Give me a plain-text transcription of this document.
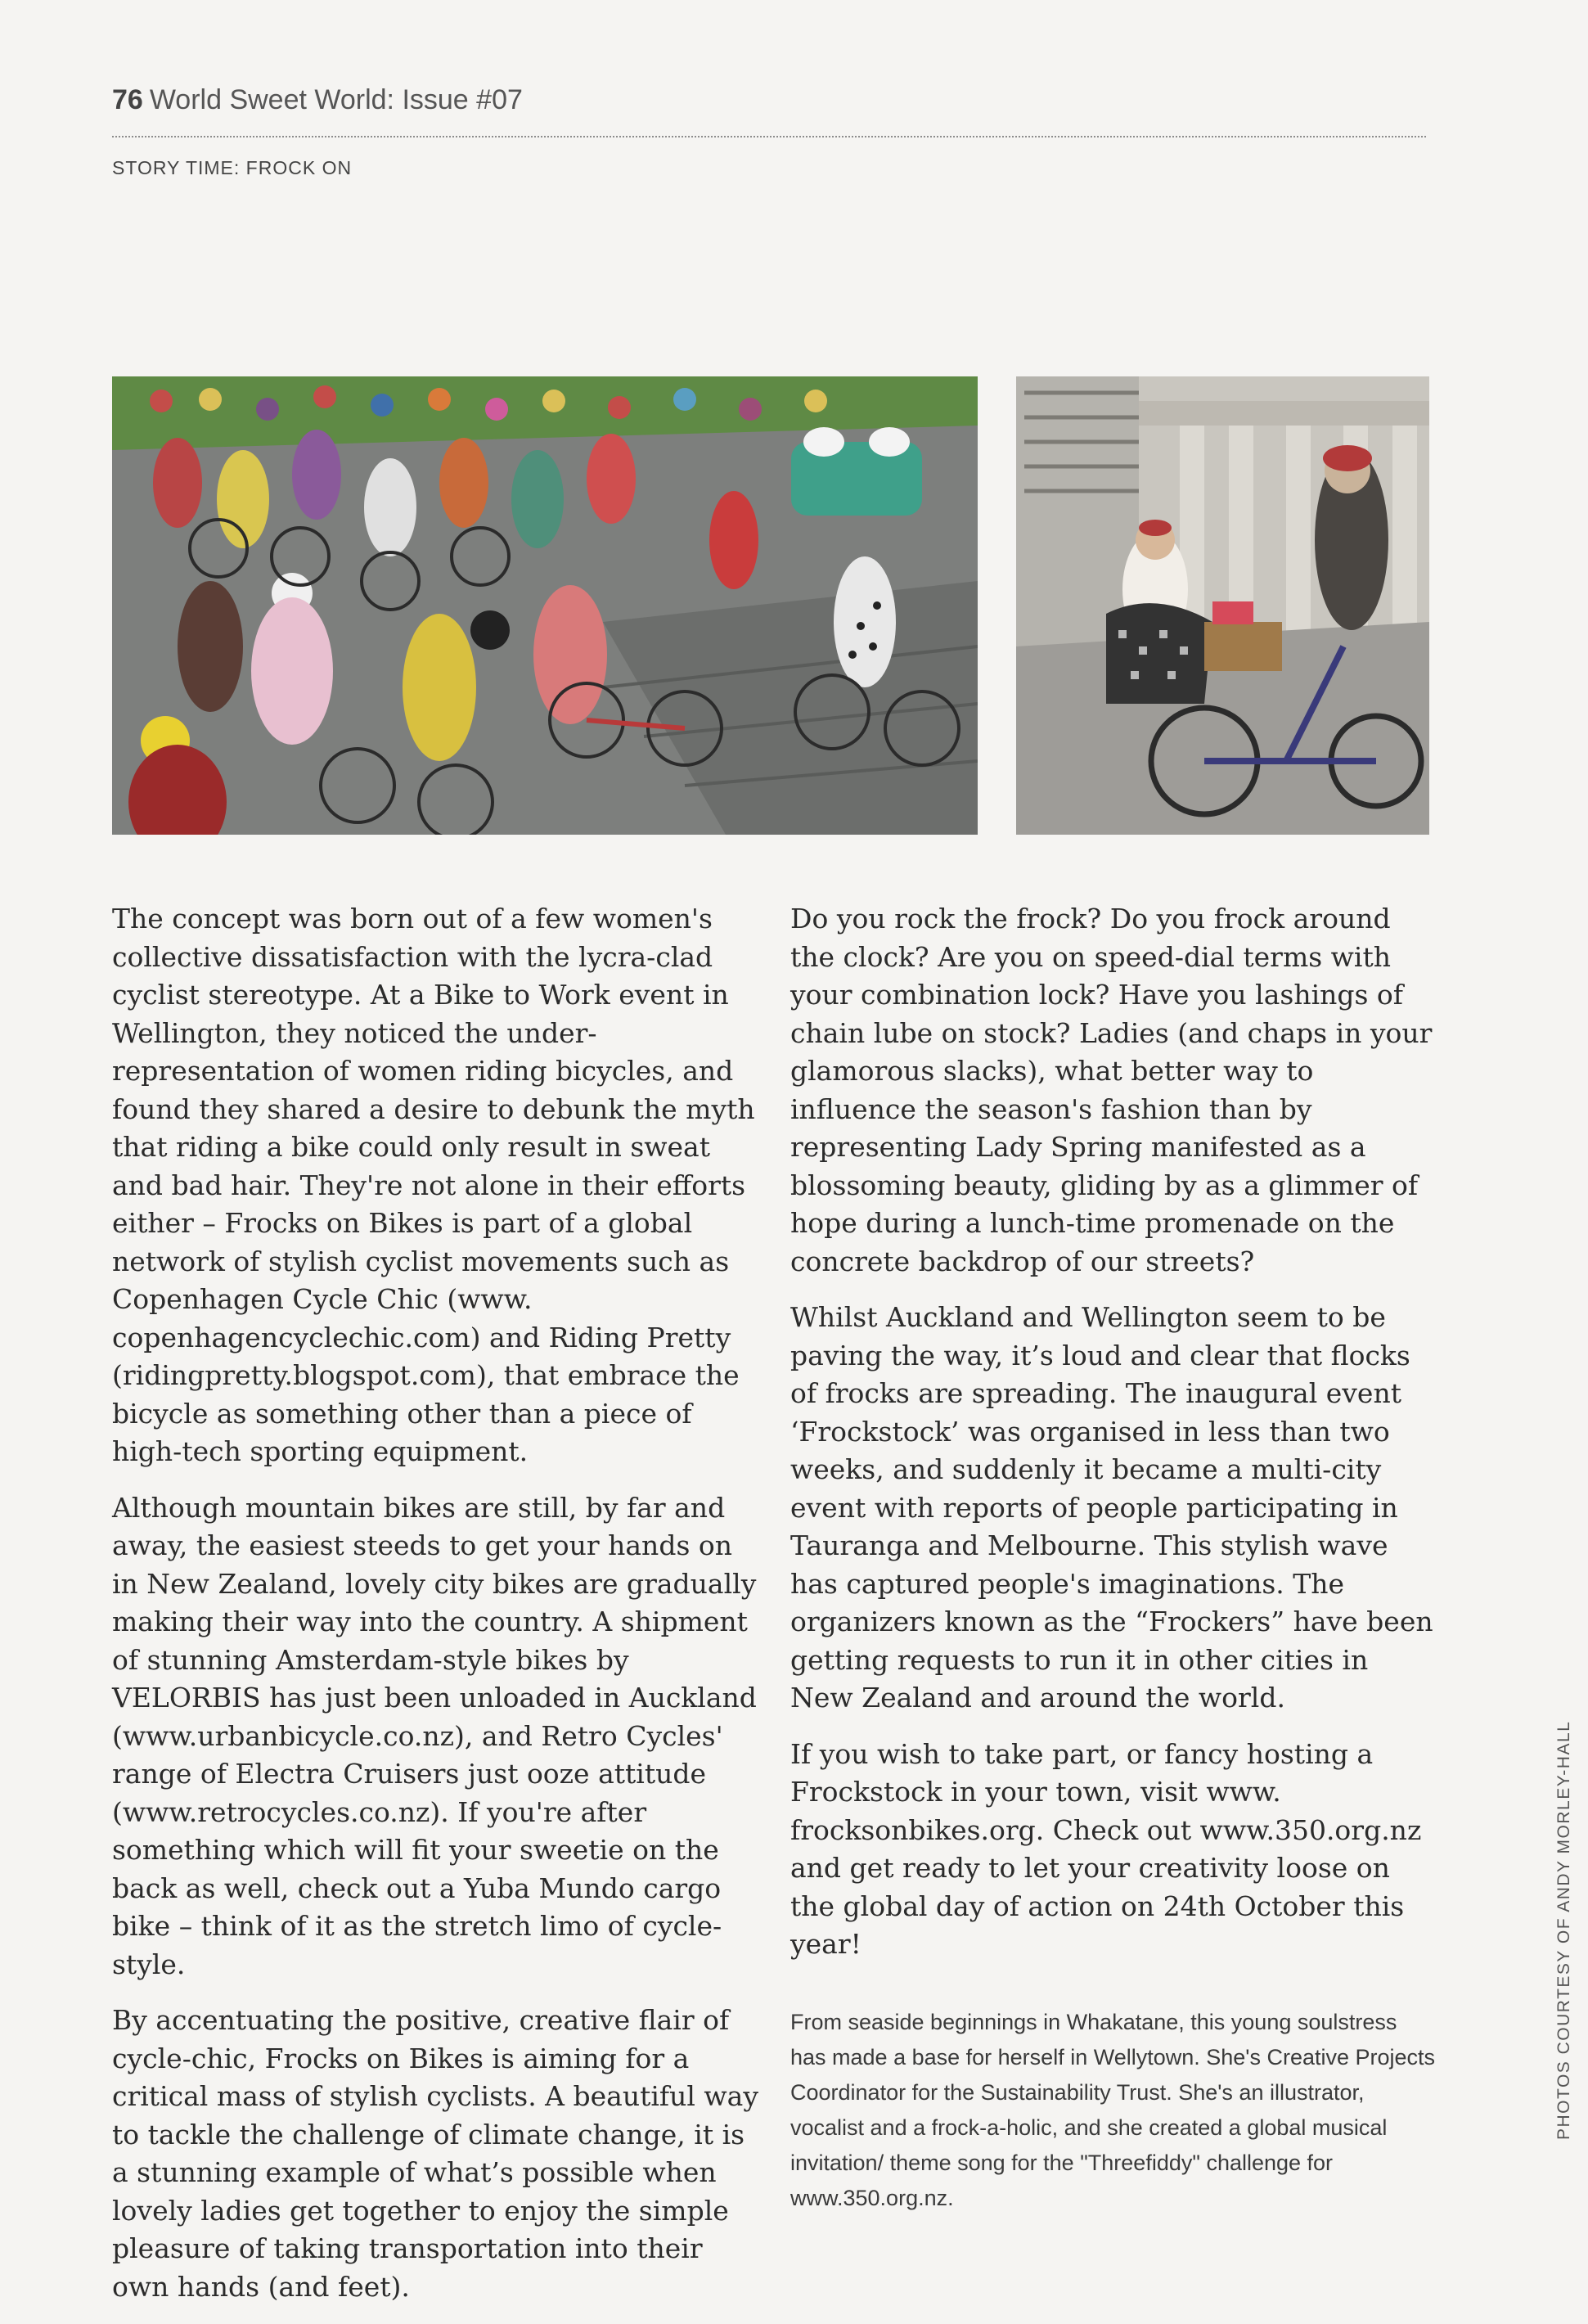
76 World Sweet World: Issue #07
STORY TIME: FROCK ON

The concept was born out of a few women's collective dissatisfaction with the lycra-clad cyclist stereotype. At a Bike to Work event in Wellington, they noticed the under-representation of women riding bicycles, and found they shared a desire to debunk the myth that riding a bike could only result in sweat and bad hair. They're not alone in their efforts either – Frocks on Bikes is part of a global network of stylish cyclist movements such as Copenhagen Cycle Chic (www. copenhagencyclechic.com) and Riding Pretty (ridingpretty.blogspot.com), that embrace the bicycle as something other than a piece of high-tech sporting equipment.

Although mountain bikes are still, by far and away, the easiest steeds to get your hands on in New Zealand, lovely city bikes are gradually making their way into the country. A shipment of stunning Amsterdam-style bikes by VELORBIS has just been unloaded in Auckland (www.urbanbicycle.co.nz), and Retro Cycles' range of Electra Cruisers just ooze attitude (www.retrocycles.co.nz). If you're after something which will fit your sweetie on the back as well, check out a Yuba Mundo cargo bike – think of it as the stretch limo of cycle-style.

By accentuating the positive, creative flair of cycle-chic, Frocks on Bikes is aiming for a critical mass of stylish cyclists. A beautiful way to tackle the challenge of climate change, it is a stunning example of what’s possible when lovely ladies get together to enjoy the simple pleasure of taking transportation into their own hands (and feet).

Do you rock the frock? Do you frock around the clock? Are you on speed-dial terms with your combination lock? Have you lashings of chain lube on stock? Ladies (and chaps in your glamorous slacks), what better way to influence the season's fashion than by representing Lady Spring manifested as a blossoming beauty, gliding by as a glimmer of hope during a lunch-time promenade on the concrete backdrop of our streets?

Whilst Auckland and Wellington seem to be paving the way, it’s loud and clear that flocks of frocks are spreading. The inaugural event ‘Frockstock’ was organised in less than two weeks, and suddenly it became a multi-city event with reports of people participating in Tauranga and Melbourne. This stylish wave has captured people's imaginations. The organizers known as the “Frockers” have been getting requests to run it in other cities in New Zealand and around the world.

If you wish to take part, or fancy hosting a Frockstock in your town, visit www. frocksonbikes.org. Check out www.350.org.nz and get ready to let your creativity loose on the global day of action on 24th October this year!

From seaside beginnings in Whakatane, this young soulstress has made a base for herself in Wellytown. She's Creative Projects Coordinator for the Sustainability Trust. She's an illustrator, vocalist and a frock-a-holic, and she created a global musical invitation/ theme song for the "Threefiddy" challenge for www.350.org.nz.

PHOTOS COURTESY OF ANDY MORLEY-HALL
